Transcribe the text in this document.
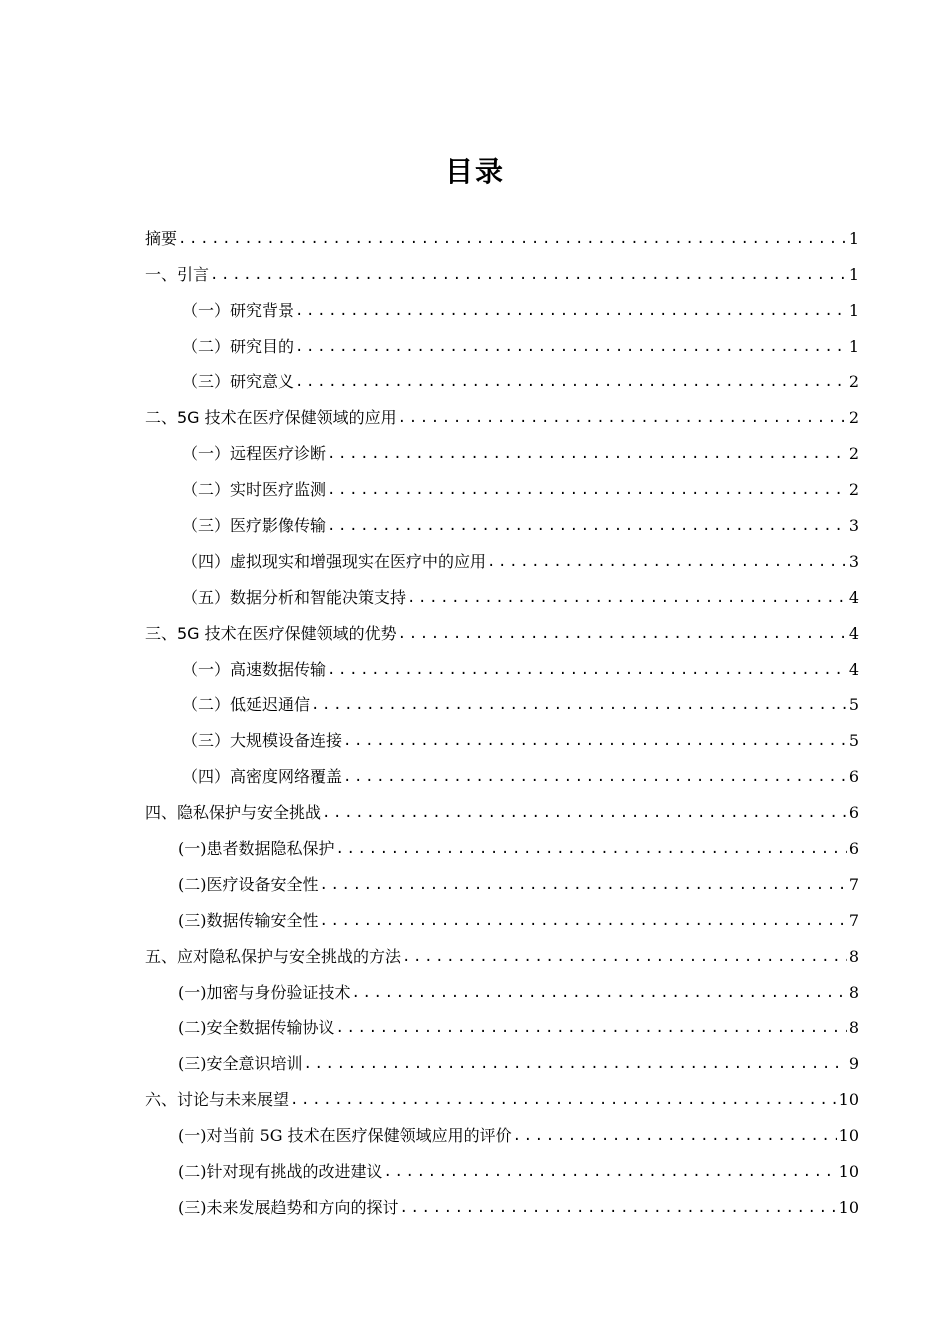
目录
摘要 .....	1
一、引言 .....	1
（一）研究背景 .....	1
（二）研究目的 .....	1
（三）研究意义 .....	2
二、5G 技术在医疗保健领域的应用 .....	2
（一）远程医疗诊断 .....	2
（二）实时医疗监测 .....	2
（三）医疗影像传输 .....	3
（四）虚拟现实和增强现实在医疗中的应用 .....	3
（五）数据分析和智能决策支持 .....	4
三、5G 技术在医疗保健领域的优势 .....	4
（一）高速数据传输 .....	4
（二）低延迟通信 .....	5
（三）大规模设备连接 .....	5
（四）高密度网络覆盖 .....	6
四、隐私保护与安全挑战 .....	6
(一)患者数据隐私保护 .....	6
(二)医疗设备安全性 .....	7
(三)数据传输安全性 .....	7
五、应对隐私保护与安全挑战的方法 .....	8
(一)加密与身份验证技术 .....	8
(二)安全数据传输协议 .....	8
(三)安全意识培训 .....	9
六、讨论与未来展望 .....	10
(一)对当前 5G 技术在医疗保健领域应用的评价 .....	10
(二)针对现有挑战的改进建议 .....	10
(三)未来发展趋势和方向的探讨 .....	10
